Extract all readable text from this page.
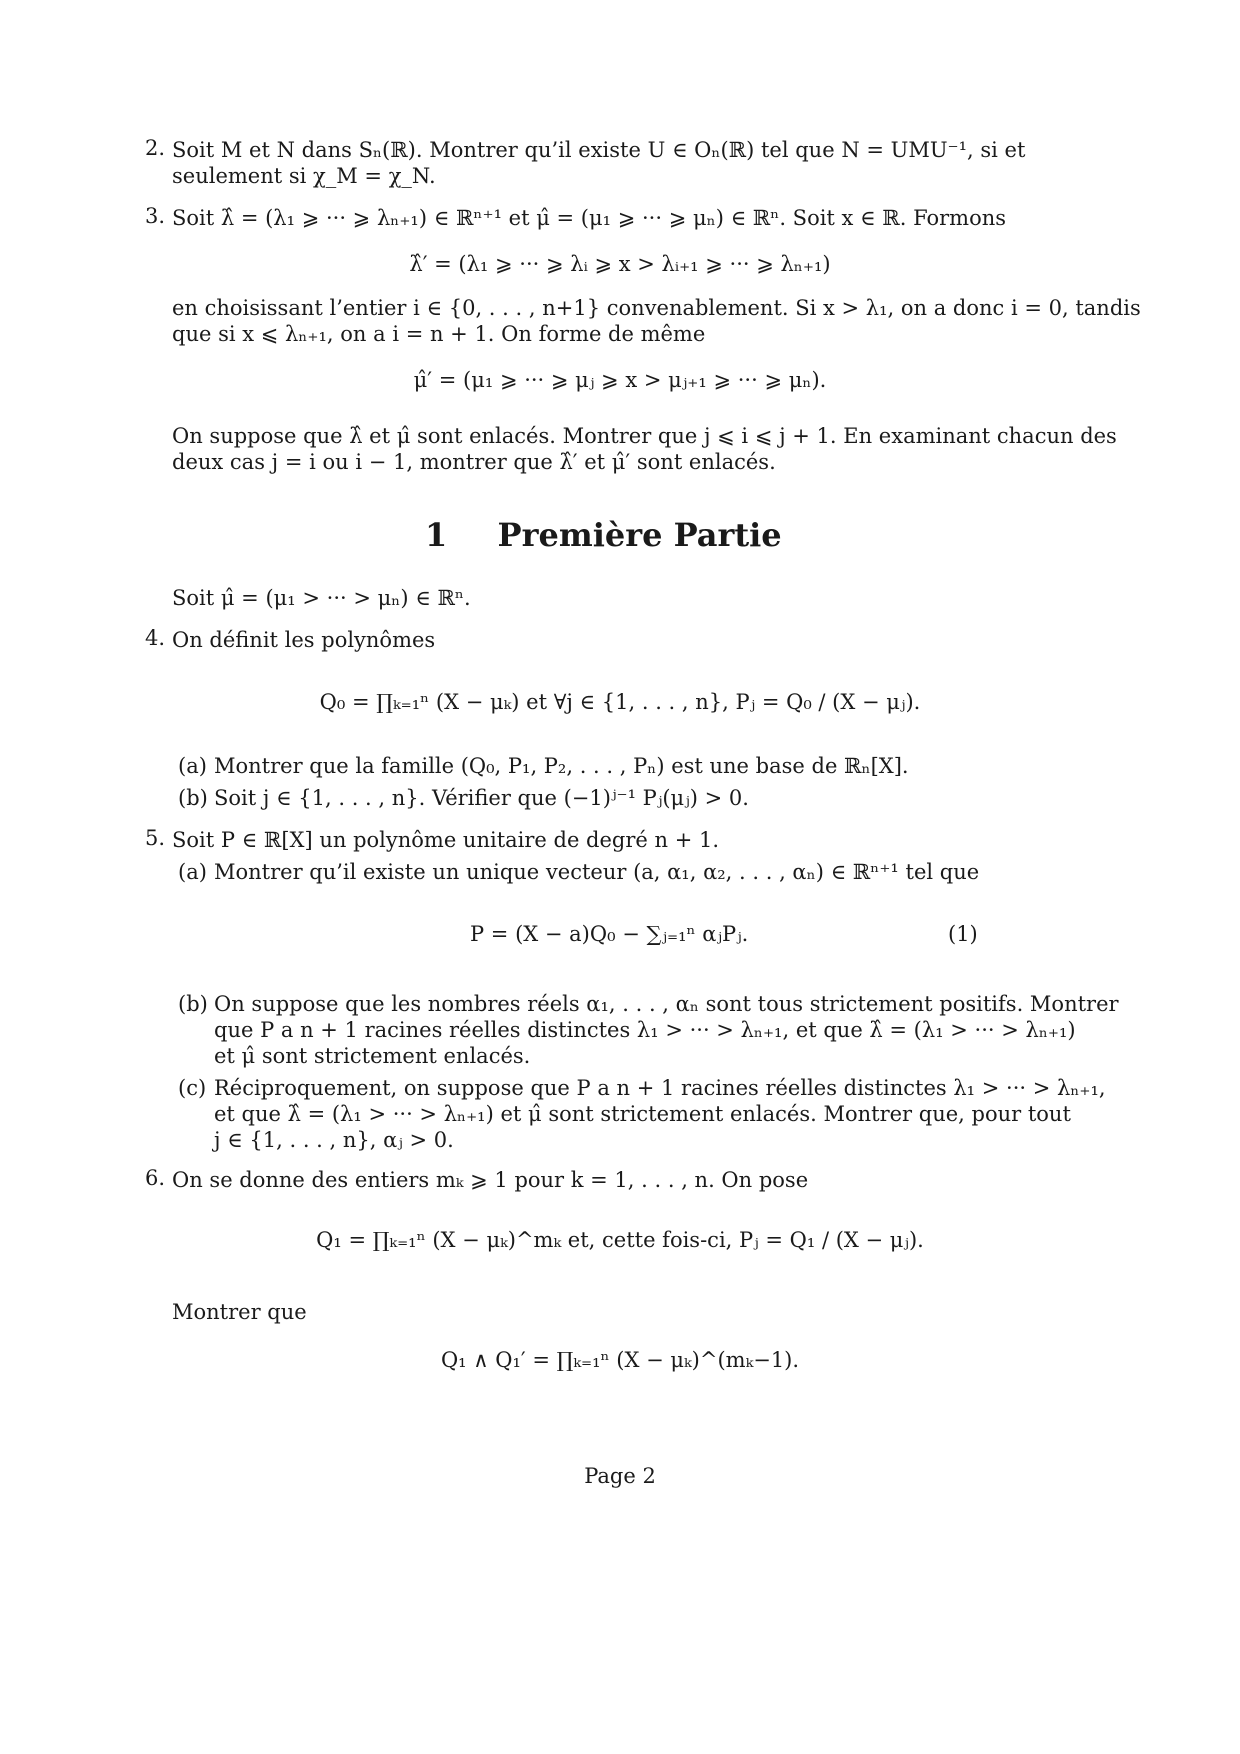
2. Soit M et N dans Sₙ(ℝ). Montrer qu’il existe U ∈ Oₙ(ℝ) tel que N = UMU⁻¹, si et
seulement si χ_M = χ_N.
3. Soit λ̂ = (λ₁ ⩾ ··· ⩾ λₙ₊₁) ∈ ℝⁿ⁺¹ et μ̂ = (μ₁ ⩾ ··· ⩾ μₙ) ∈ ℝⁿ. Soit x ∈ ℝ. Formons
λ̂′ = (λ₁ ⩾ ··· ⩾ λᵢ ⩾ x > λᵢ₊₁ ⩾ ··· ⩾ λₙ₊₁)
en choisissant l’entier i ∈ {0, . . . , n+1} convenablement. Si x > λ₁, on a donc i = 0, tandis
que si x ⩽ λₙ₊₁, on a i = n + 1. On forme de même
μ̂′ = (μ₁ ⩾ ··· ⩾ μⱼ ⩾ x > μⱼ₊₁ ⩾ ··· ⩾ μₙ).
On suppose que λ̂ et μ̂ sont enlacés. Montrer que j ⩽ i ⩽ j + 1. En examinant chacun des
deux cas j = i ou i − 1, montrer que λ̂′ et μ̂′ sont enlacés.
1 Première Partie
Soit μ̂ = (μ₁ > ··· > μₙ) ∈ ℝⁿ.
4. On définit les polynômes
Q₀ = ∏ₖ₌₁ⁿ (X − μₖ) et ∀j ∈ {1, . . . , n}, Pⱼ = Q₀ / (X − μⱼ).
(a) Montrer que la famille (Q₀, P₁, P₂, . . . , Pₙ) est une base de ℝₙ[X].
(b) Soit j ∈ {1, . . . , n}. Vérifier que (−1)ʲ⁻¹ Pⱼ(μⱼ) > 0.
5. Soit P ∈ ℝ[X] un polynôme unitaire de degré n + 1.
(a) Montrer qu’il existe un unique vecteur (a, α₁, α₂, . . . , αₙ) ∈ ℝⁿ⁺¹ tel que
P = (X − a)Q₀ − ∑ⱼ₌₁ⁿ αⱼPⱼ.	(1)
(b) On suppose que les nombres réels α₁, . . . , αₙ sont tous strictement positifs. Montrer
que P a n + 1 racines réelles distinctes λ₁ > ··· > λₙ₊₁, et que λ̂ = (λ₁ > ··· > λₙ₊₁)
et μ̂ sont strictement enlacés.
(c) Réciproquement, on suppose que P a n + 1 racines réelles distinctes λ₁ > ··· > λₙ₊₁,
et que λ̂ = (λ₁ > ··· > λₙ₊₁) et μ̂ sont strictement enlacés. Montrer que, pour tout
j ∈ {1, . . . , n}, αⱼ > 0.
6. On se donne des entiers mₖ ⩾ 1 pour k = 1, . . . , n. On pose
Q₁ = ∏ₖ₌₁ⁿ (X − μₖ)^mₖ et, cette fois-ci, Pⱼ = Q₁ / (X − μⱼ).
Montrer que
Q₁ ∧ Q₁′ = ∏ₖ₌₁ⁿ (X − μₖ)^(mₖ−1).
Page 2
